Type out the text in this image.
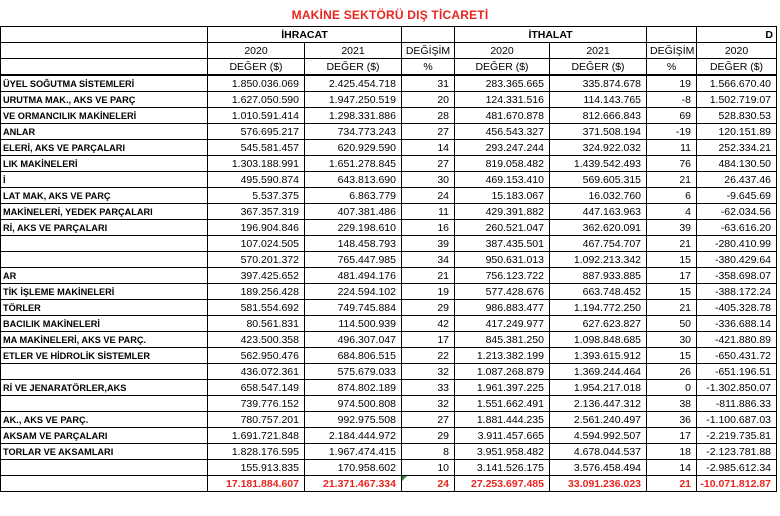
MAKİNE SEKTÖRÜ DIŞ TİCARETİ
	İHRACAT			İTHALAT			D
	2020	2021	DEĞİŞİM	2020	2021	DEĞİŞİM	2020
	DEĞER ($)	DEĞER ($)	%	DEĞER ($)	DEĞER ($)	%	DEĞER ($)
ÜYEL SOĞUTMA SİSTEMLERİ	1.850.036.069	2.425.454.718	31	283.365.665	335.874.678	19	1.566.670.40
URUTMA MAK., AKS VE PARÇ	1.627.050.590	1.947.250.519	20	124.331.516	114.143.765	-8	1.502.719.07
VE ORMANCILIK MAKİNELERİ	1.010.591.414	1.298.331.886	28	481.670.878	812.666.843	69	528.830.53
ANLAR	576.695.217	734.773.243	27	456.543.327	371.508.194	-19	120.151.89
ELERİ, AKS VE PARÇALARI	545.581.457	620.929.590	14	293.247.244	324.922.032	11	252.334.21
LIK MAKİNELERİ	1.303.188.991	1.651.278.845	27	819.058.482	1.439.542.493	76	484.130.50
İ	495.590.874	643.813.690	30	469.153.410	569.605.315	21	26.437.46
LAT MAK, AKS VE PARÇ	5.537.375	6.863.779	24	15.183.067	16.032.760	6	-9.645.69
MAKİNELERİ, YEDEK PARÇALARI	367.357.319	407.381.486	11	429.391.882	447.163.963	4	-62.034.56
Rİ, AKS VE PARÇALARI	196.904.846	229.198.610	16	260.521.047	362.620.091	39	-63.616.20
	107.024.505	148.458.793	39	387.435.501	467.754.707	21	-280.410.99
	570.201.372	765.447.985	34	950.631.013	1.092.213.342	15	-380.429.64
AR	397.425.652	481.494.176	21	756.123.722	887.933.885	17	-358.698.07
TİK İŞLEME MAKİNELERİ	189.256.428	224.594.102	19	577.428.676	663.748.452	15	-388.172.24
TÖRLER	581.554.692	749.745.884	29	986.883.477	1.194.772.250	21	-405.328.78
BACILIK MAKİNELERİ	80.561.831	114.500.939	42	417.249.977	627.623.827	50	-336.688.14
MA MAKİNELERİ, AKS VE PARÇ.	423.500.358	496.307.047	17	845.381.250	1.098.848.685	30	-421.880.89
ETLER VE HİDROLİK SİSTEMLER	562.950.476	684.806.515	22	1.213.382.199	1.393.615.912	15	-650.431.72
	436.072.361	575.679.033	32	1.087.268.879	1.369.244.464	26	-651.196.51
Rİ VE JENARATÖRLER,AKS	658.547.149	874.802.189	33	1.961.397.225	1.954.217.018	0	-1.302.850.07
	739.776.152	974.500.808	32	1.551.662.491	2.136.447.312	38	-811.886.33
AK., AKS VE PARÇ.	780.757.201	992.975.508	27	1.881.444.235	2.561.240.497	36	-1.100.687.03
AKSAM VE PARÇALARI	1.691.721.848	2.184.444.972	29	3.911.457.665	4.594.992.507	17	-2.219.735.81
TORLAR VE AKSAMLARI	1.828.176.595	1.967.474.415	8	3.951.958.482	4.678.044.537	18	-2.123.781.88
	155.913.835	170.958.602	10	3.141.526.175	3.576.458.494	14	-2.985.612.34
	17.181.884.607	21.371.467.334	24	27.253.697.485	33.091.236.023	21	-10.071.812.87
